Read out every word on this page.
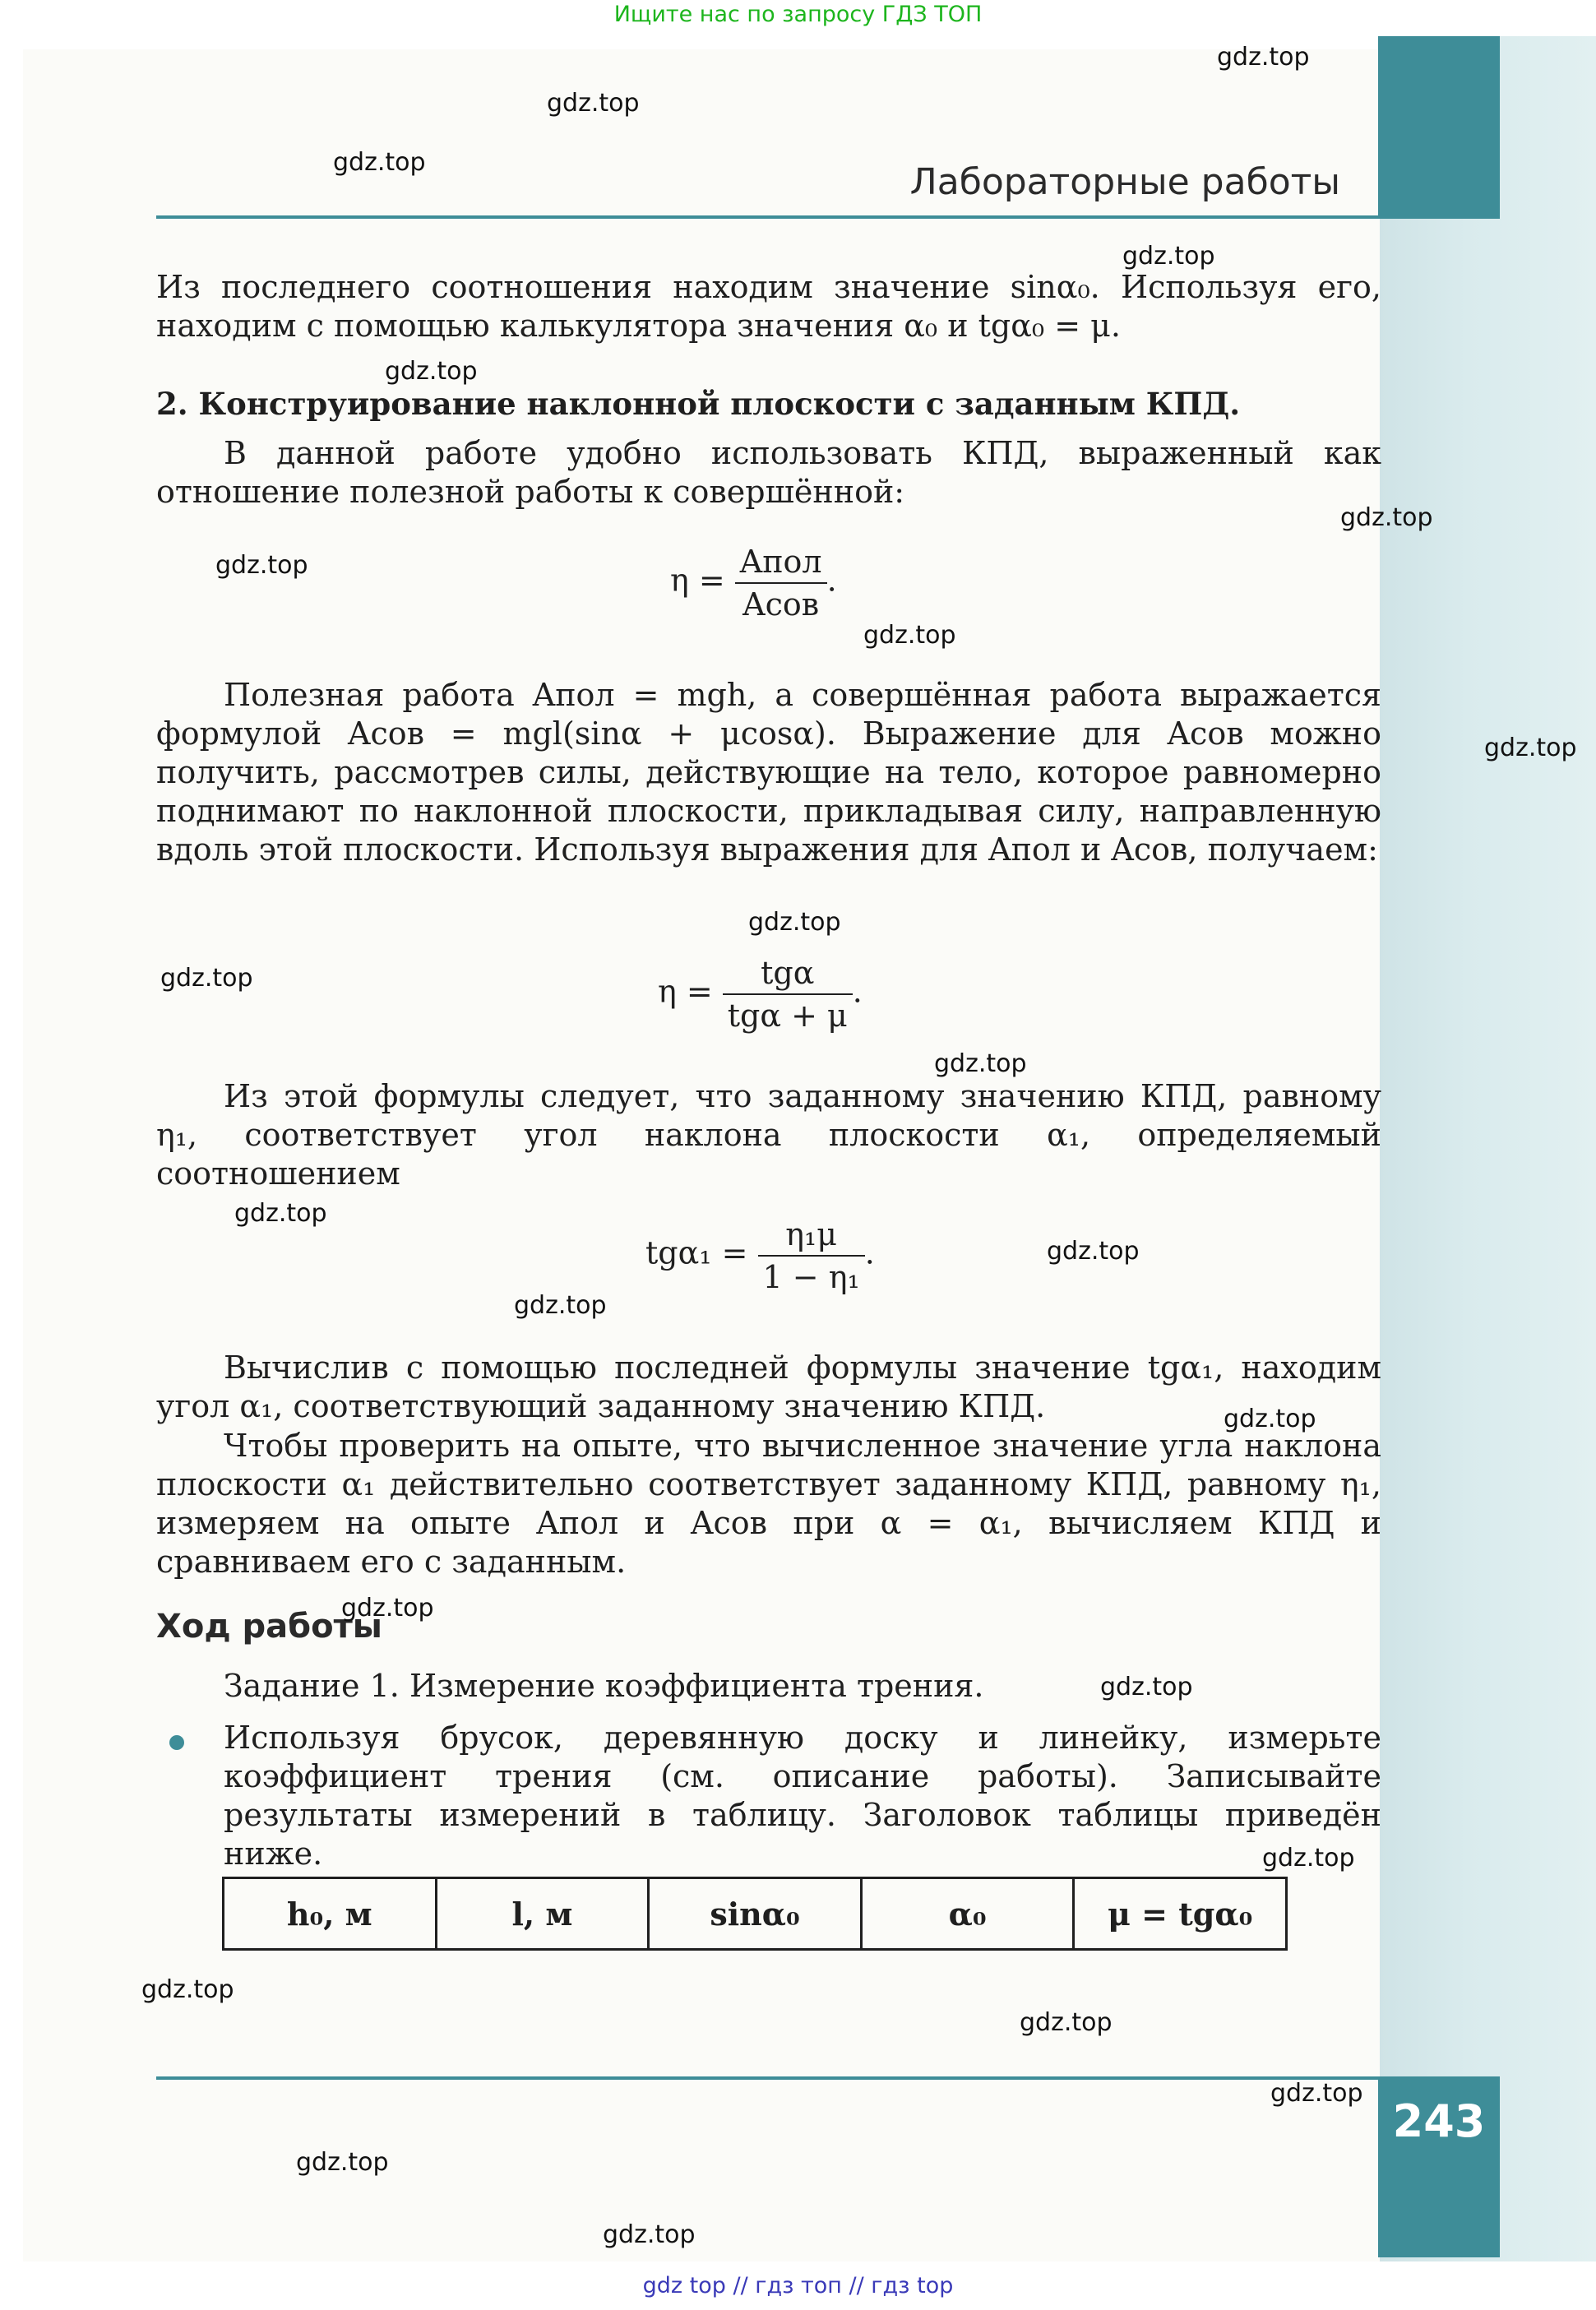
Ищите нас по запросу ГДЗ ТОП
Лабораторные работы
Из последнего соотношения находим значение sinα₀. Используя его, находим с помощью калькулятора значения α₀ и tgα₀ = μ.
2. Конструирование наклонной плоскости с заданным КПД.
В данной работе удобно использовать КПД, выраженный как отношение полезной работы к совершённой:
$\eta = \frac{\text{Aпол}}{\text{Aсов}}$ .
Полезная работа Aпол = mgh, а совершённая работа выражается формулой Aсов = mgl(sinα + μcosα). Выражение для Aсов можно получить, рассмотрев силы, действующие на тело, которое равномерно поднимают по наклонной плоскости, прикладывая силу, направленную вдоль этой плоскости. Используя выражения для Aпол и Aсов, получаем:
$\eta = \frac{\text{tgα}}{\text{tgα + μ}}$ .
Из этой формулы следует, что заданному значению КПД, равному η₁, соответствует угол наклона плоскости α₁, определяемый соотношением
$tg\alpha_1 = \frac{\text{η₁μ}}{\text{1 − η₁}}$ .
Вычислив с помощью последней формулы значение tgα₁, находим угол α₁, соответствующий заданному значению КПД.
Чтобы проверить на опыте, что вычисленное значение угла наклона плоскости α₁ действительно соответствует заданному КПД, равному η₁, измеряем на опыте Aпол и Aсов при α = α₁, вычисляем КПД и сравниваем его с заданным.
Ход работы
Задание 1. Измерение коэффициента трения.
Используя брусок, деревянную доску и линейку, измерьте коэффициент трения (см. описание работы). Записывайте результаты измерений в таблицу. Заголовок таблицы приведён ниже.
h₀, м	l, м	sinα₀	α₀	μ = tgα₀
243
gdz.top
gdz.top
gdz.top
gdz.top
gdz.top
gdz.top
gdz.top
gdz.top
gdz.top
gdz.top
gdz.top
gdz.top
gdz.top
gdz.top
gdz.top
gdz.top
gdz.top
gdz.top
gdz.top
gdz.top
gdz.top
gdz.top
gdz.top
gdz.top
gdz top // гдз топ // гдз top
